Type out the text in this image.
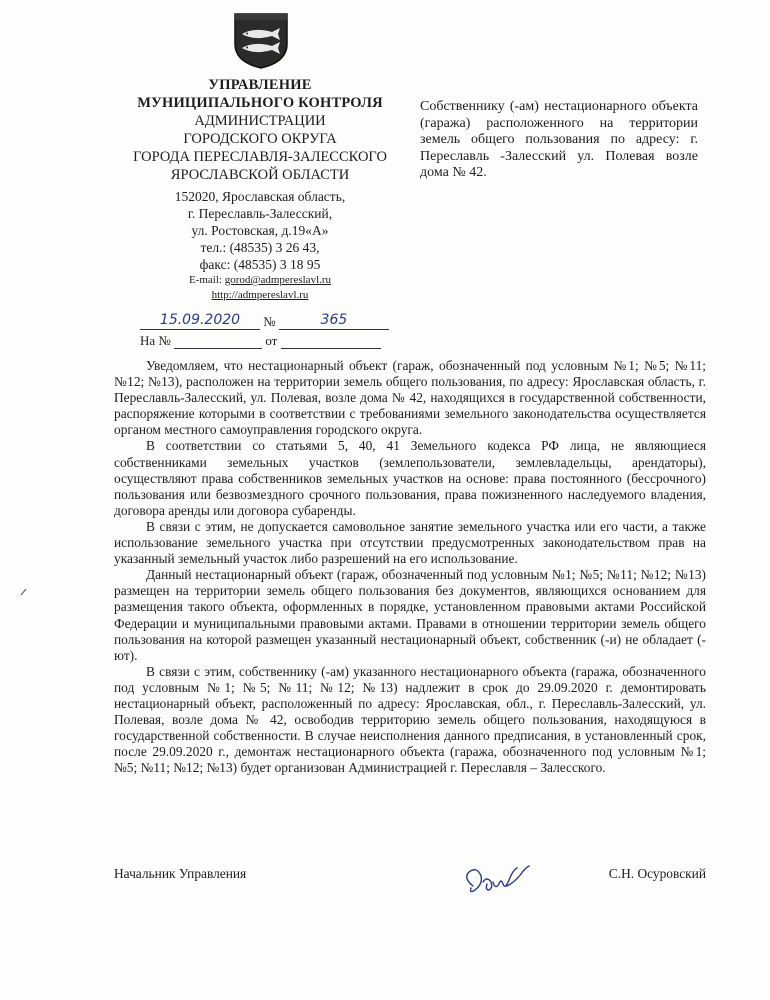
УПРАВЛЕНИЕ
МУНИЦИПАЛЬНОГО КОНТРОЛЯ
АДМИНИСТРАЦИИ
ГОРОДСКОГО ОКРУГА
ГОРОДА ПЕРЕСЛАВЛЯ-ЗАЛЕССКОГО
ЯРОСЛАВСКОЙ ОБЛАСТИ
152020, Ярославская область,
г. Переславль-Залесский,
ул. Ростовская, д.19«А»
тел.: (48535) 3 26 43,
факс: (48535) 3 18 95
E-mail: gorod@admpereslavl.ru
http://admpereslavl.ru
Собственнику (-ам) нестационарного объекта (гаража) расположенного на территории земель общего пользования по адресу: г. Переславль -Залесский ул. Полевая возле дома № 42.
15.09.2020 №	365
На №	от

Уведомляем, что нестационарный объект (гараж, обозначенный под условным №1; №5; №11; №12; №13), расположен на территории земель общего пользования, по адресу: Ярославская область, г. Переславль-Залесский, ул. Полевая, возле дома № 42, находящихся в государственной собственности, распоряжение которыми в соответствии с требованиями земельного законодательства осуществляется органом местного самоуправления городского округа.

В соответствии со статьями 5, 40, 41 Земельного кодекса РФ лица, не являющиеся собственниками земельных участков (землепользователи, землевладельцы, арендаторы), осуществляют права собственников земельных участков на основе: права постоянного (бессрочного) пользования или безвозмездного срочного пользования, права пожизненного наследуемого владения, договора аренды или договора субаренды.

В связи с этим, не допускается самовольное занятие земельного участка или его части, а также использование земельного участка при отсутствии предусмотренных законодательством прав на указанный земельный участок либо разрешений на его использование.

Данный нестационарный объект (гараж, обозначенный под условным №1; №5; №11; №12; №13) размещен на территории земель общего пользования без документов, являющихся основанием для размещения такого объекта, оформленных в порядке, установленном правовыми актами Российской Федерации и муниципальными правовыми актами. Правами в отношении территории земель общего пользования на которой размещен указанный нестационарный объект, собственник (-и) не обладает (-ют).

В связи с этим, собственнику (-ам) указанного нестационарного объекта (гаража, обозначенного под условным №1; №5; №11; №12; №13) надлежит в срок до 29.09.2020 г. демонтировать нестационарный объект, расположенный по адресу: Ярославская, обл., г. Переславль-Залесский, ул. Полевая, возле дома № 42, освободив территорию земель общего пользования, находящуюся в государственной собственности. В случае неисполнения данного предписания, в установленный срок, после 29.09.2020 г., демонтаж нестационарного объекта (гаража, обозначенного под условным №1; №5; №11; №12; №13) будет организован Администрацией г. Переславля – Залесского.

Начальник Управления	С.Н. Осуровский
